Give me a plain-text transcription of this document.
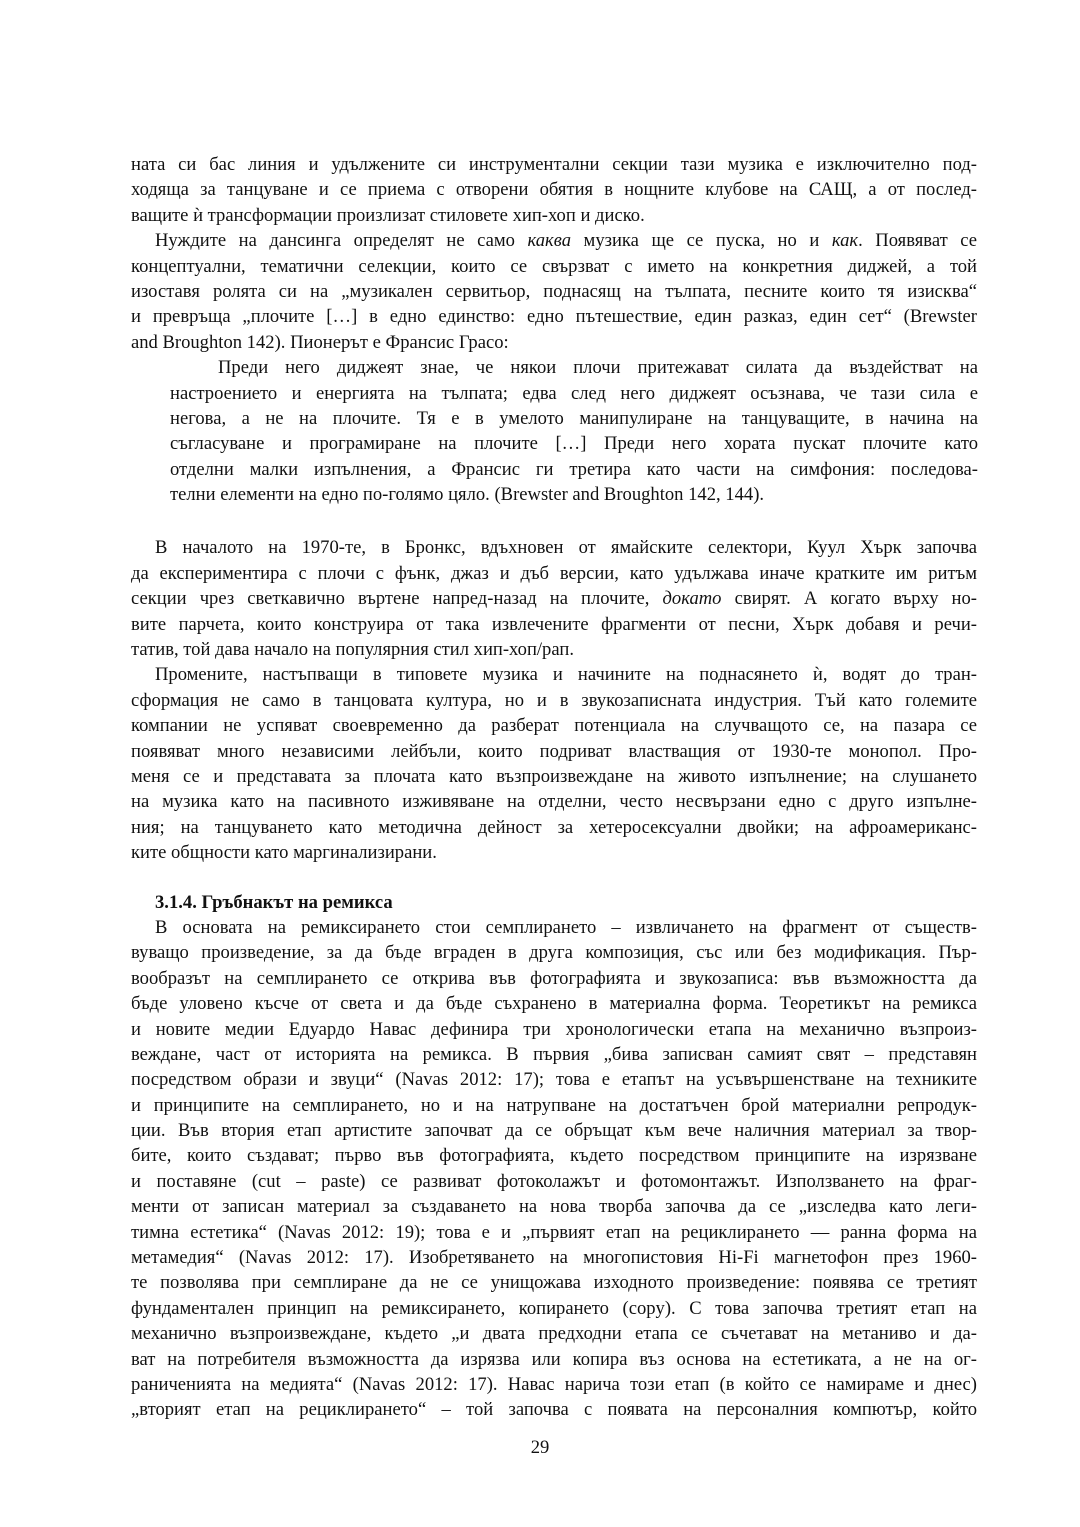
ната си бас линия и удължените си инструментални секции тази музика е изключително под-
ходяща за танцуване и се приема с отворени обятия в нощните клубове на САЩ, а от послед-
ващите ѝ трансформации произлизат стиловете хип-хоп и диско.
Нуждите на дансинга определят не само каква музика ще се пуска, но и как. Появяват се
концептуални, тематични селекции, които се свързват с името на конкретния диджей, а той
изоставя ролята си на „музикален сервитьор, поднасящ на тълпата, песните които тя изисква“
и превръща „плочите […] в едно единство: едно пътешествие, един разказ, един сет“ (Brewster
and Broughton 142). Пионерът е Франсис Грасо:
Преди него диджеят знае, че някои плочи притежават силата да въздействат на
настроението и енергията на тълпата; едва след него диджеят осъзнава, че тази сила е
негова, а не на плочите. Тя е в умелото манипулиране на танцуващите, в начина на
съгласуване и програмиране на плочите […] Преди него хората пускат плочите като
отделни малки изпълнения, а Франсис ги третира като части на симфония: последова-
телни елементи на едно по-голямо цяло. (Brewster and Broughton 142, 144).
В началото на 1970-те, в Бронкс, вдъхновен от ямайските селектори, Куул Хърк започва
да експериментира с плочи с фънк, джаз и дъб версии, като удължава иначе кратките им ритъм
секции чрез светкавично въртене напред-назад на плочите, докато свирят. А когато върху но-
вите парчета, които конструира от така извлечените фрагменти от песни, Хърк добавя и речи-
татив, той дава начало на популярния стил хип-хоп/рап.
Промените, настъпващи в типовете музика и начините на поднасянето ѝ, водят до тран-
сформация не само в танцовата култура, но и в звукозаписната индустрия. Тъй като големите
компании не успяват своевременно да разберат потенциала на случващото се, на пазара се
появяват много независими лейбъли, които подриват властващия от 1930-те монопол. Про-
меня се и представата за плочата като възпроизвеждане на живото изпълнение; на слушането
на музика като на пасивното изживяване на отделни, често несвързани едно с друго изпълне-
ния; на танцуването като методична дейност за хетеросексуални двойки; на афроамериканс-
ките общности като маргинализирани.
3.1.4. Гръбнакът на ремикса
В основата на ремиксирането стои семплирането – извличането на фрагмент от съществ-
вуващо произведение, за да бъде вграден в друга композиция, със или без модификация. Пър-
вообразът на семплирането се открива във фотографията и звукозаписа: във възможността да
бъде уловено късче от света и да бъде съхранено в материална форма. Теоретикът на ремикса
и новите медии Едуардо Навас дефинира три хронологически етапа на механично възпроиз-
веждане, част от историята на ремикса. В първия „бива записван самият свят – представян
посредством образи и звуци“ (Navas 2012: 17); това е етапът на усъвършенстване на техниките
и принципите на семплирането, но и на натрупване на достатъчен брой материални репродук-
ции. Във втория етап артистите започват да се обръщат към вече наличния материал за твор-
бите, които създават; първо във фотографията, където посредством принципите на изрязване
и поставяне (cut – paste) се развиват фотоколажът и фотомонтажът. Използването на фраг-
менти от записан материал за създаването на нова творба започва да се „изследва като леги-
тимна естетика“ (Navas 2012: 19); това е и „първият етап на рециклирането — ранна форма на
метамедия“ (Navas 2012: 17). Изобретяването на многопистовия Hi-Fi магнетофон през 1960-
те позволява при семплиране да не се унищожава изходното произведение: появява се третият
фундаментален принцип на ремиксирането, копирането (copy). С това започва третият етап на
механично възпроизвеждане, където „и двата предходни етапа се съчетават на метаниво и да-
ват на потребителя възможността да изрязва или копира въз основа на естетиката, а не на ог-
раниченията на медията“ (Navas 2012: 17). Навас нарича този етап (в който се намираме и днес)
„вторият етап на рециклирането“ – той започва с появата на персоналния компютър, който
29
